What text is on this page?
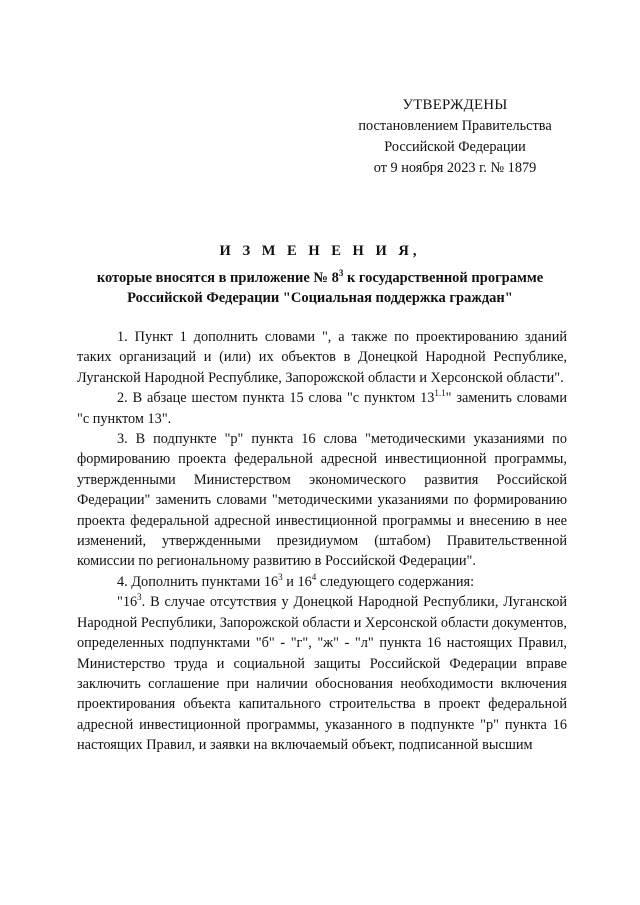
УТВЕРЖДЕНЫ
постановлением Правительства
Российской Федерации
от 9 ноября 2023 г. № 1879
И З М Е Н Е Н И Я,
которые вносятся в приложение № $8^3$ к государственной программе
Российской Федерации "Социальная поддержка граждан"

1. Пункт 1 дополнить словами ", а также по проектированию зданий таких организаций и (или) их объектов в Донецкой Народной Республике, Луганской Народной Республике, Запорожской области и Херсонской области".

2. В абзаце шестом пункта 15 слова "с пунктом $13^{1.1}$" заменить словами "с пунктом 13".

3. В подпункте "р" пункта 16 слова "методическими указаниями по формированию проекта федеральной адресной инвестиционной программы, утвержденными Министерством экономического развития Российской Федерации" заменить словами "методическими указаниями по формированию проекта федеральной адресной инвестиционной программы и внесению в нее изменений, утвержденными президиумом (штабом) Правительственной комиссии по региональному развитию в Российской Федерации".

4. Дополнить пунктами $16^3$ и $16^4$ следующего содержания:

"$16^3$. В случае отсутствия у Донецкой Народной Республики, Луганской Народной Республики, Запорожской области и Херсонской области документов, определенных подпунктами "б" - "г", "ж" - "л" пункта 16 настоящих Правил, Министерство труда и социальной защиты Российской Федерации вправе заключить соглашение при наличии обоснования необходимости включения проектирования объекта капитального строительства в проект федеральной адресной инвестиционной программы, указанного в подпункте "р" пункта 16 настоящих Правил, и заявки на включаемый объект, подписанной высшим
